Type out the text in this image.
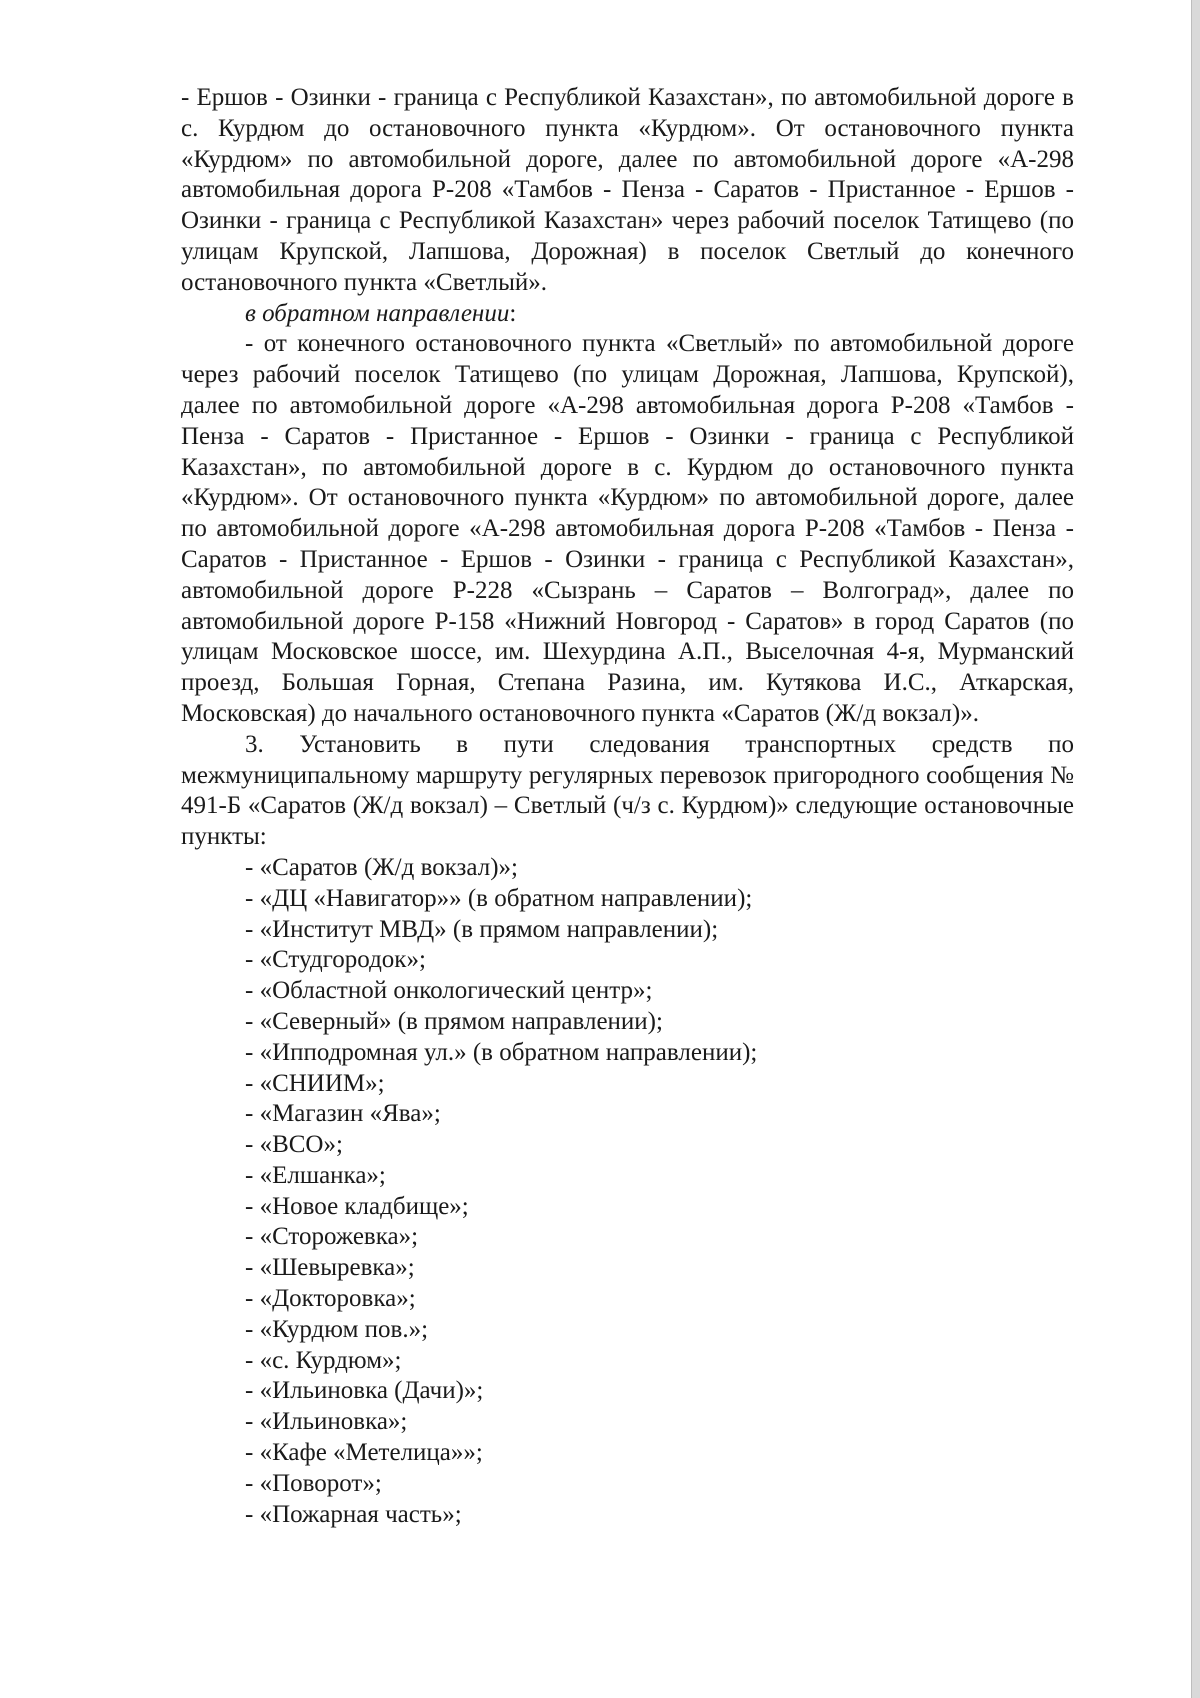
- Ершов - Озинки - граница с Республикой Казахстан», по автомобильной дороге в с. Курдюм до остановочного пункта «Курдюм». От остановочного пункта «Курдюм» по автомобильной дороге, далее по автомобильной дороге «А-298 автомобильная дорога Р-208 «Тамбов - Пенза - Саратов - Пристанное - Ершов - Озинки - граница с Республикой Казахстан» через рабочий поселок Татищево (по улицам Крупской, Лапшова, Дорожная) в поселок Светлый до конечного остановочного пункта «Светлый».

в обратном направлении:

- от конечного остановочного пункта «Светлый» по автомобильной дороге через рабочий поселок Татищево (по улицам Дорожная, Лапшова, Крупской), далее по автомобильной дороге «А-298 автомобильная дорога Р-208 «Тамбов - Пенза - Саратов - Пристанное - Ершов - Озинки - граница с Республикой Казахстан», по автомобильной дороге в с. Курдюм до остановочного пункта «Курдюм». От остановочного пункта «Курдюм» по автомобильной дороге, далее по автомобильной дороге «А-298 автомобильная дорога Р-208 «Тамбов - Пенза - Саратов - Пристанное - Ершов - Озинки - граница с Республикой Казахстан», автомобильной дороге Р-228 «Сызрань – Саратов – Волгоград», далее по автомобильной дороге Р-158 «Нижний Новгород - Саратов» в город Саратов (по улицам Московское шоссе, им. Шехурдина А.П., Выселочная 4-я, Мурманский проезд, Большая Горная, Степана Разина, им. Кутякова И.С., Аткарская, Московская) до начального остановочного пункта «Саратов (Ж/д вокзал)».

3. Установить в пути следования транспортных средств по межмуниципальному маршруту регулярных перевозок пригородного сообщения № 491-Б «Саратов (Ж/д вокзал) – Светлый (ч/з с. Курдюм)» следующие остановочные пункты:

- «Саратов (Ж/д вокзал)»;
- «ДЦ «Навигатор»» (в обратном направлении);
- «Институт МВД» (в прямом направлении);
- «Студгородок»;
- «Областной онкологический центр»;
- «Северный» (в прямом направлении);
- «Ипподромная ул.» (в обратном направлении);
- «СНИИМ»;
- «Магазин «Ява»;
- «ВСО»;
- «Елшанка»;
- «Новое кладбище»;
- «Сторожевка»;
- «Шевыревка»;
- «Докторовка»;
- «Курдюм пов.»;
- «с. Курдюм»;
- «Ильиновка (Дачи)»;
- «Ильиновка»;
- «Кафе «Метелица»»;
- «Поворот»;
- «Пожарная часть»;
